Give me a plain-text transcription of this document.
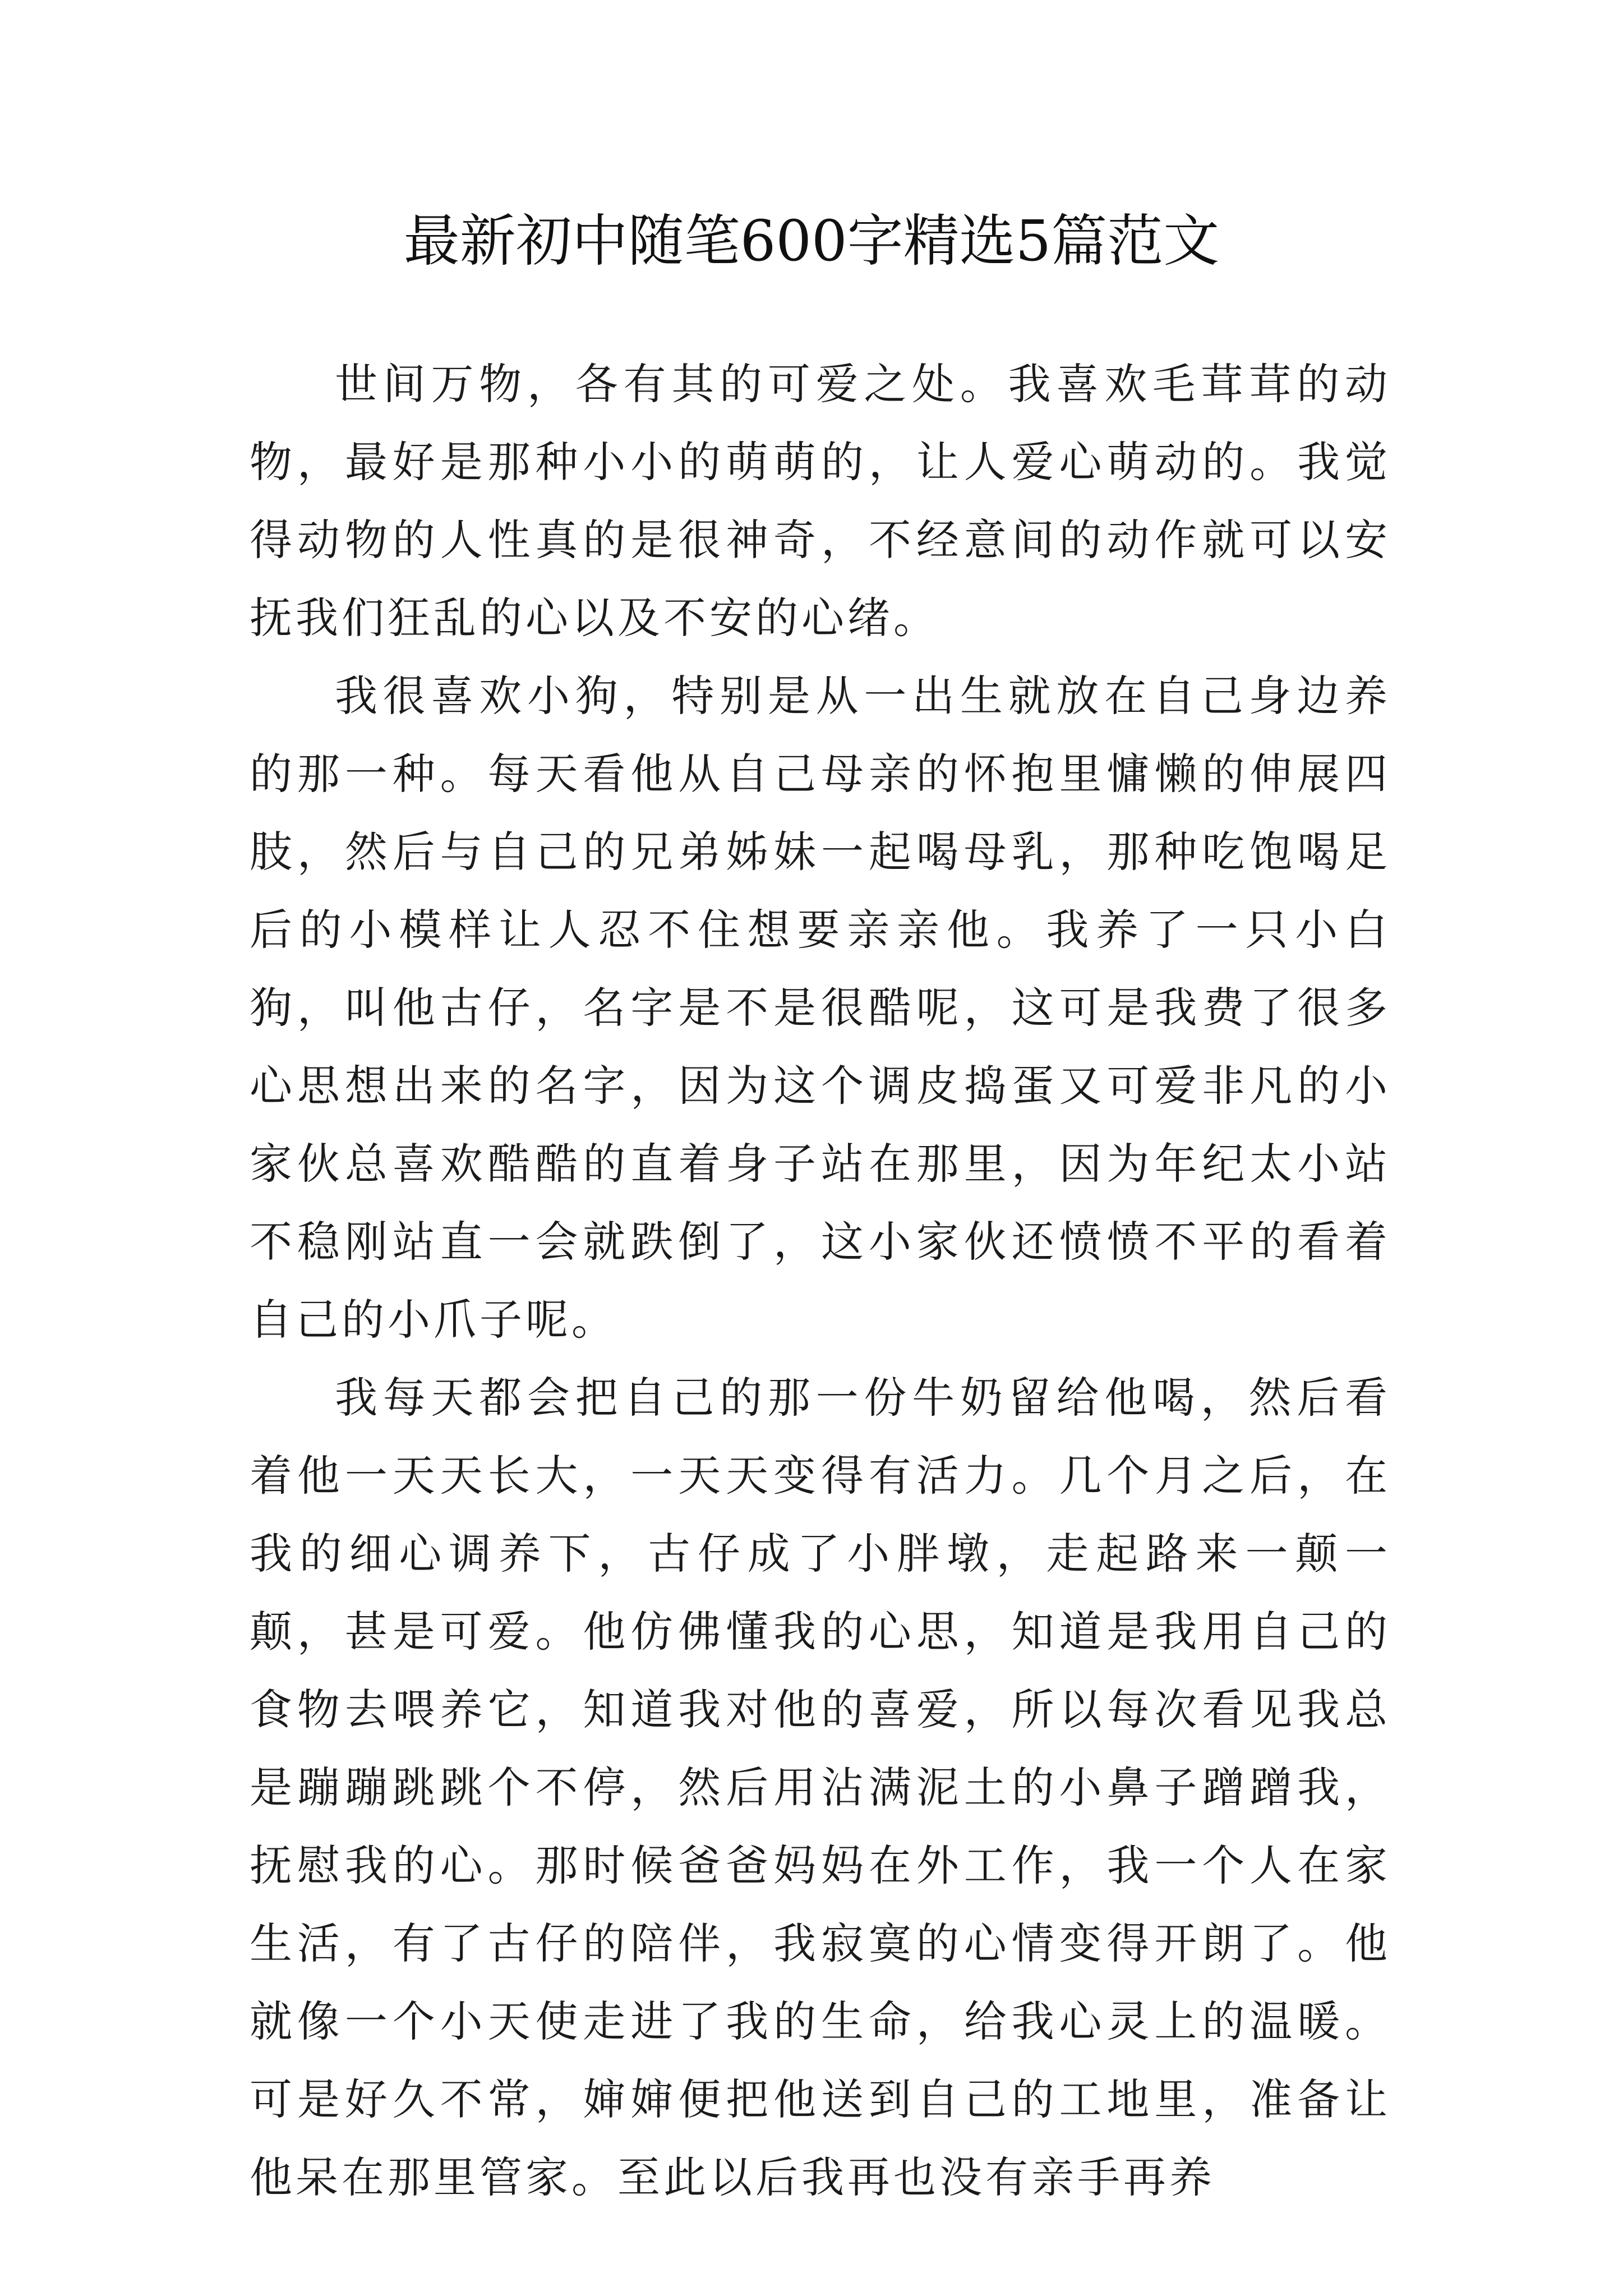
最新初中随笔600字精选5篇范文

世间万物，各有其的可爱之处。我喜欢毛茸茸的动物，最好是那种小小的萌萌的，让人爱心萌动的。我觉得动物的人性真的是很神奇，不经意间的动作就可以安抚我们狂乱的心以及不安的心绪。

我很喜欢小狗，特别是从一出生就放在自己身边养的那一种。每天看他从自己母亲的怀抱里慵懒的伸展四肢，然后与自己的兄弟姊妹一起喝母乳，那种吃饱喝足后的小模样让人忍不住想要亲亲他。我养了一只小白狗，叫他古仔，名字是不是很酷呢，这可是我费了很多心思想出来的名字，因为这个调皮捣蛋又可爱非凡的小家伙总喜欢酷酷的直着身子站在那里，因为年纪太小站不稳刚站直一会就跌倒了，这小家伙还愤愤不平的看着自己的小爪子呢。

我每天都会把自己的那一份牛奶留给他喝，然后看着他一天天长大，一天天变得有活力。几个月之后，在我的细心调养下，古仔成了小胖墩，走起路来一颠一颠，甚是可爱。他仿佛懂我的心思，知道是我用自己的食物去喂养它，知道我对他的喜爱，所以每次看见我总是蹦蹦跳跳个不停，然后用沾满泥土的小鼻子蹭蹭我，抚慰我的心。那时候爸爸妈妈在外工作，我一个人在家生活，有了古仔的陪伴，我寂寞的心情变得开朗了。他就像一个小天使走进了我的生命，给我心灵上的温暖。可是好久不常，婶婶便把他送到自己的工地里，准备让他呆在那里管家。至此以后我再也没有亲手再养
